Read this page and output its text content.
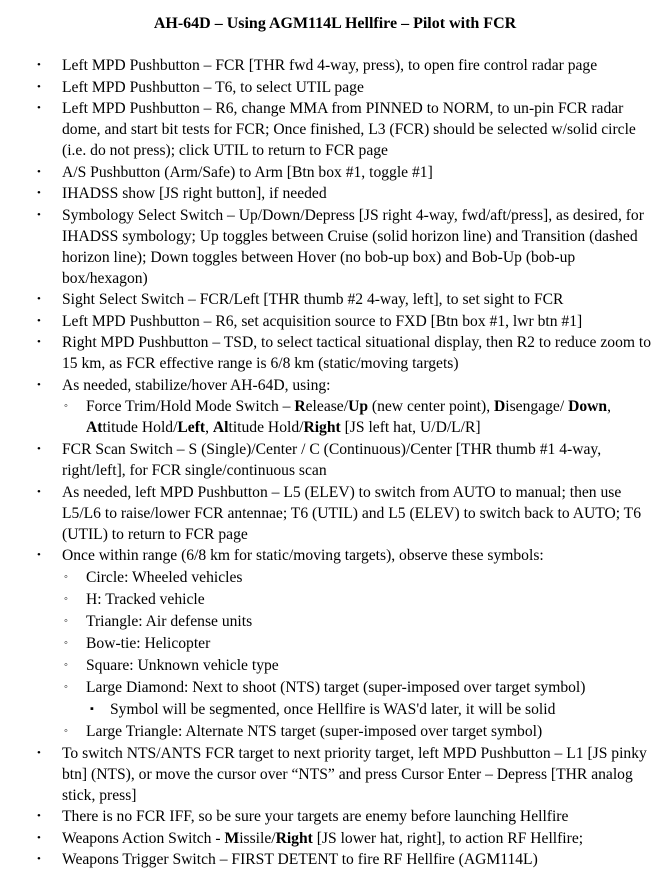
AH-64D – Using AGM114L Hellfire – Pilot with FCR
• Left MPD Pushbutton – FCR [THR fwd 4-way, press), to open fire control radar page
• Left MPD Pushbutton – T6, to select UTIL page
• Left MPD Pushbutton – R6, change MMA from PINNED to NORM, to un-pin FCR radar dome, and start bit tests for FCR; Once finished, L3 (FCR) should be selected w/solid circle (i.e. do not press); click UTIL to return to FCR page
• A/S Pushbutton (Arm/Safe) to Arm [Btn box #1, toggle #1]
• IHADSS show [JS right button], if needed
• Symbology Select Switch – Up/Down/Depress [JS right 4-way, fwd/aft/press], as desired, for IHADSS symbology; Up toggles between Cruise (solid horizon line) and Transition (dashed horizon line); Down toggles between Hover (no bob-up box) and Bob-Up (bob-up box/hexagon)
• Sight Select Switch – FCR/Left [THR thumb #2 4-way, left], to set sight to FCR
• Left MPD Pushbutton – R6, set acquisition source to FXD [Btn box #1, lwr btn #1]
• Right MPD Pushbutton – TSD, to select tactical situational display, then R2 to reduce zoom to 15 km, as FCR effective range is 6/8 km (static/moving targets)
• As needed, stabilize/hover AH-64D, using:
◦ Force Trim/Hold Mode Switch – Release/Up (new center point), Disengage/ Down, Attitude Hold/Left, Altitude Hold/Right [JS left hat, U/D/L/R]
• FCR Scan Switch – S (Single)/Center / C (Continuous)/Center [THR thumb #1 4-way, right/left], for FCR single/continuous scan
• As needed, left MPD Pushbutton – L5 (ELEV) to switch from AUTO to manual; then use L5/L6 to raise/lower FCR antennae; T6 (UTIL) and L5 (ELEV) to switch back to AUTO; T6 (UTIL) to return to FCR page
• Once within range (6/8 km for static/moving targets), observe these symbols:
◦ Circle: Wheeled vehicles
◦ H: Tracked vehicle
◦ Triangle: Air defense units
◦ Bow-tie: Helicopter
◦ Square: Unknown vehicle type
◦ Large Diamond: Next to shoot (NTS) target (super-imposed over target symbol)
▪ Symbol will be segmented, once Hellfire is WAS'd later, it will be solid
◦ Large Triangle: Alternate NTS target (super-imposed over target symbol)
• To switch NTS/ANTS FCR target to next priority target, left MPD Pushbutton – L1 [JS pinky btn] (NTS), or move the cursor over “NTS” and press Cursor Enter – Depress [THR analog stick, press]
• There is no FCR IFF, so be sure your targets are enemy before launching Hellfire
• Weapons Action Switch - Missile/Right [JS lower hat, right], to action RF Hellfire;
• Weapons Trigger Switch – FIRST DETENT to fire RF Hellfire (AGM114L)
